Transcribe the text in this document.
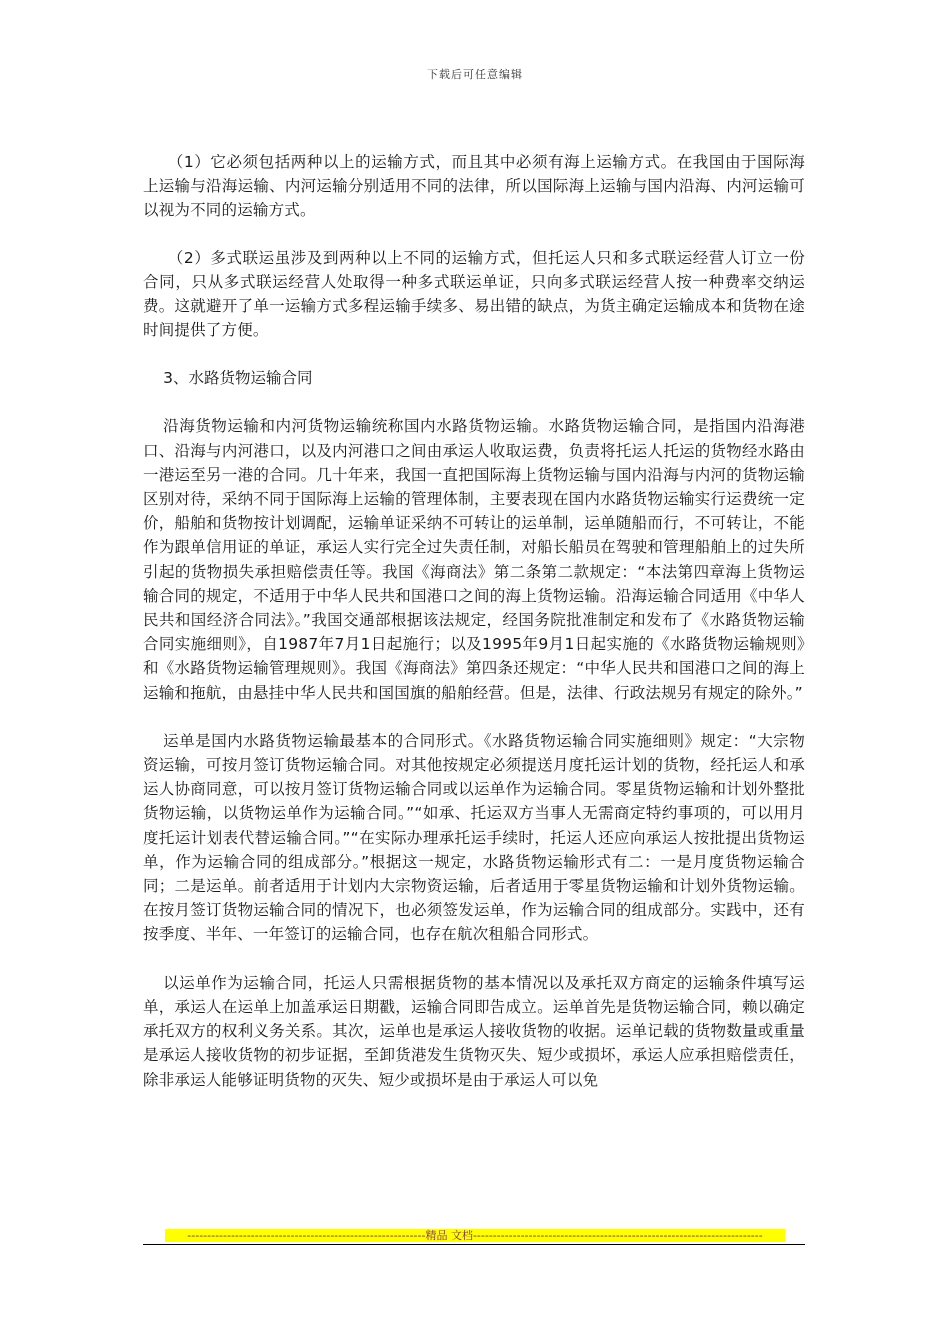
下载后可任意编辑

（1）它必须包括两种以上的运输方式，而且其中必须有海上运输方式。在我国由于国际海上运输与沿海运输、内河运输分别适用不同的法律，所以国际海上运输与国内沿海、内河运输可以视为不同的运输方式。

（2）多式联运虽涉及到两种以上不同的运输方式，但托运人只和多式联运经营人订立一份合同，只从多式联运经营人处取得一种多式联运单证，只向多式联运经营人按一种费率交纳运费。这就避开了单一运输方式多程运输手续多、易出错的缺点，为货主确定运输成本和货物在途时间提供了方便。

3、水路货物运输合同

沿海货物运输和内河货物运输统称国内水路货物运输。水路货物运输合同，是指国内沿海港口、沿海与内河港口，以及内河港口之间由承运人收取运费，负责将托运人托运的货物经水路由一港运至另一港的合同。几十年来，我国一直把国际海上货物运输与国内沿海与内河的货物运输区别对待，采纳不同于国际海上运输的管理体制，主要表现在国内水路货物运输实行运费统一定价，船舶和货物按计划调配，运输单证采纳不可转让的运单制，运单随船而行，不可转让，不能作为跟单信用证的单证，承运人实行完全过失责任制，对船长船员在驾驶和管理船舶上的过失所引起的货物损失承担赔偿责任等。我国《海商法》第二条第二款规定：“本法第四章海上货物运输合同的规定，不适用于中华人民共和国港口之间的海上货物运输。沿海运输合同适用《中华人民共和国经济合同法》。”我国交通部根据该法规定，经国务院批准制定和发布了《水路货物运输合同实施细则》，自1987年7月1日起施行；以及1995年9月1日起实施的《水路货物运输规则》和《水路货物运输管理规则》。我国《海商法》第四条还规定：“中华人民共和国港口之间的海上运输和拖航，由悬挂中华人民共和国国旗的船舶经营。但是，法律、行政法规另有规定的除外。”

运单是国内水路货物运输最基本的合同形式。《水路货物运输合同实施细则》规定：“大宗物资运输，可按月签订货物运输合同。对其他按规定必须提送月度托运计划的货物，经托运人和承运人协商同意，可以按月签订货物运输合同或以运单作为运输合同。零星货物运输和计划外整批货物运输，以货物运单作为运输合同。”“如承、托运双方当事人无需商定特约事项的，可以用月度托运计划表代替运输合同。”“在实际办理承托运手续时，托运人还应向承运人按批提出货物运单，作为运输合同的组成部分。”根据这一规定，水路货物运输形式有二：一是月度货物运输合同；二是运单。前者适用于计划内大宗物资运输，后者适用于零星货物运输和计划外货物运输。在按月签订货物运输合同的情况下，也必须签发运单，作为运输合同的组成部分。实践中，还有按季度、半年、一年签订的运输合同，也存在航次租船合同形式。

以运单作为运输合同，托运人只需根据货物的基本情况以及承托双方商定的运输条件填写运单，承运人在运单上加盖承运日期戳，运输合同即告成立。运单首先是货物运输合同，赖以确定承托双方的权利义务关系。其次，运单也是承运人接收货物的收据。运单记载的货物数量或重量是承运人接收货物的初步证据，至卸货港发生货物灭失、短少或损坏，承运人应承担赔偿责任，除非承运人能够证明货物的灭失、短少或损坏是由于承运人可以免

------------------------------------------------------------精品 文档-------------------------------------------------------------------------
